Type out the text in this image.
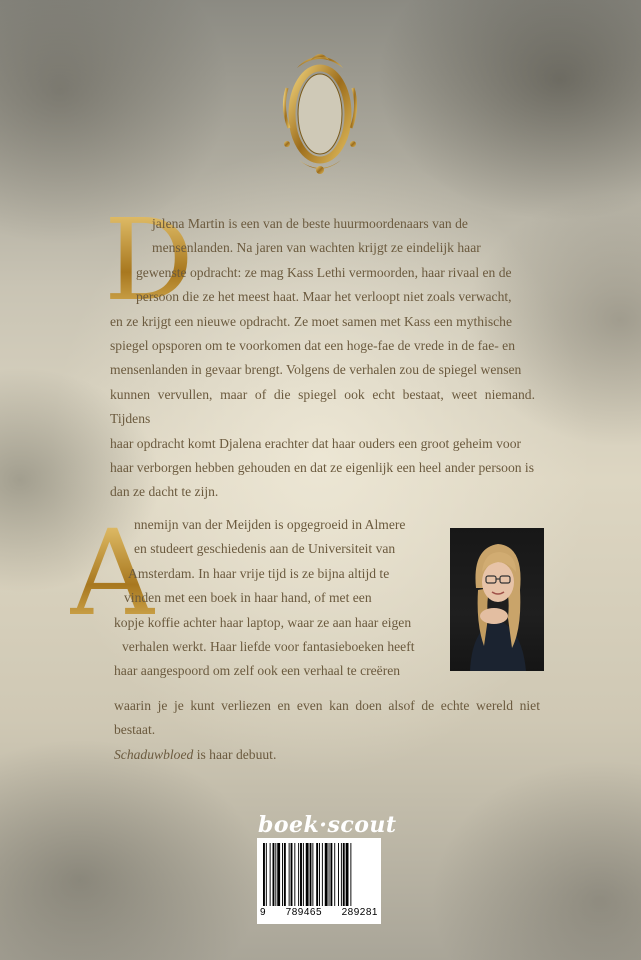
D

jalena Martin is een van de beste huurmoordenaars van de
mensenlanden. Na jaren van wachten krijgt ze eindelijk haar
gewenste opdracht: ze mag Kass Lethi vermoorden, haar rivaal en de
persoon die ze het meest haat. Maar het verloopt niet zoals verwacht,
en ze krijgt een nieuwe opdracht. Ze moet samen met Kass een mythische
spiegel opsporen om te voorkomen dat een hoge-fae de vrede in de fae- en
mensenlanden in gevaar brengt. Volgens de verhalen zou de spiegel wensen
kunnen vervullen, maar of die spiegel ook echt bestaat, weet niemand. Tijdens
haar opdracht komt Djalena erachter dat haar ouders een groot geheim voor
haar verborgen hebben gehouden en dat ze eigenlijk een heel ander persoon is
dan ze dacht te zijn.

A

nnemijn van der Meijden is opgegroeid in Almere
en studeert geschiedenis aan de Universiteit van
Amsterdam. In haar vrije tijd is ze bijna altijd te
vinden met een boek in haar hand, of met een
kopje koffie achter haar laptop, waar ze aan haar eigen
verhalen werkt. Haar liefde voor fantasieboeken heeft
haar aangespoord om zelf ook een verhaal te creëren

waarin je je kunt verliezen en even kan doen alsof de echte wereld niet bestaat.
Schaduwbloed is haar debuut.

boek·scout
9 789465 289281
